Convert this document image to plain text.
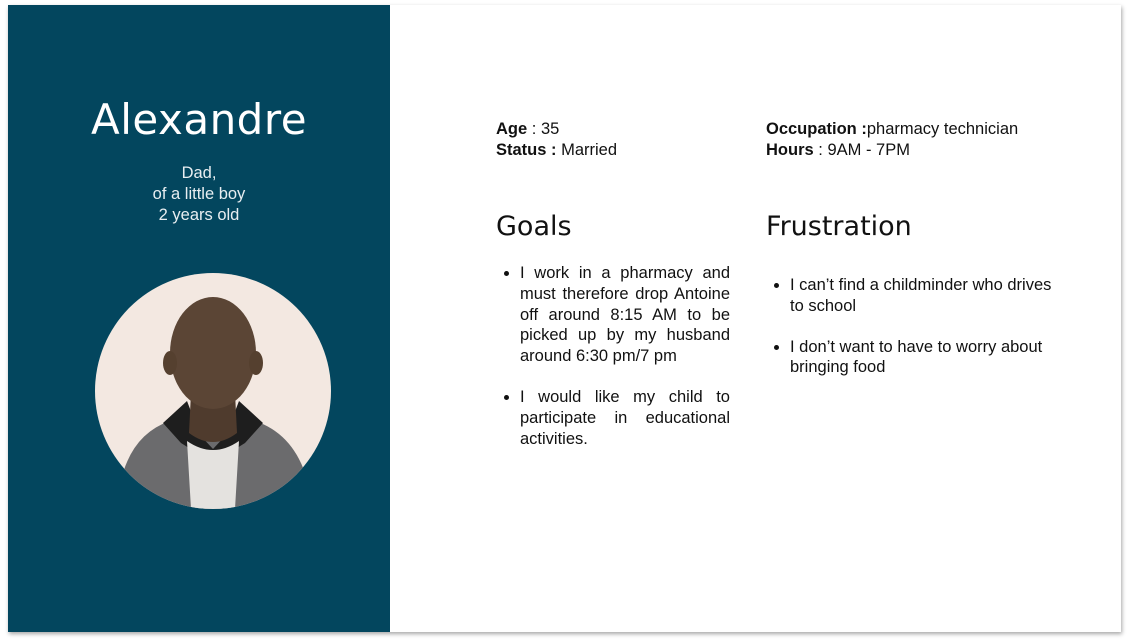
Alexandre
Dad,
of a little boy
2 years old
Age : 35
Status : Married
Occupation :pharmacy technician
Hours : 9AM - 7PM
Goals
• I work in a pharmacy and must therefore drop Antoine off around 8:15 AM to be picked up by my husband around 6:30 pm/7 pm
• I would like my child to participate in educational activities.
Frustration
• I can’t find a childminder who drives to school
• I don’t want to have to worry about bringing food
